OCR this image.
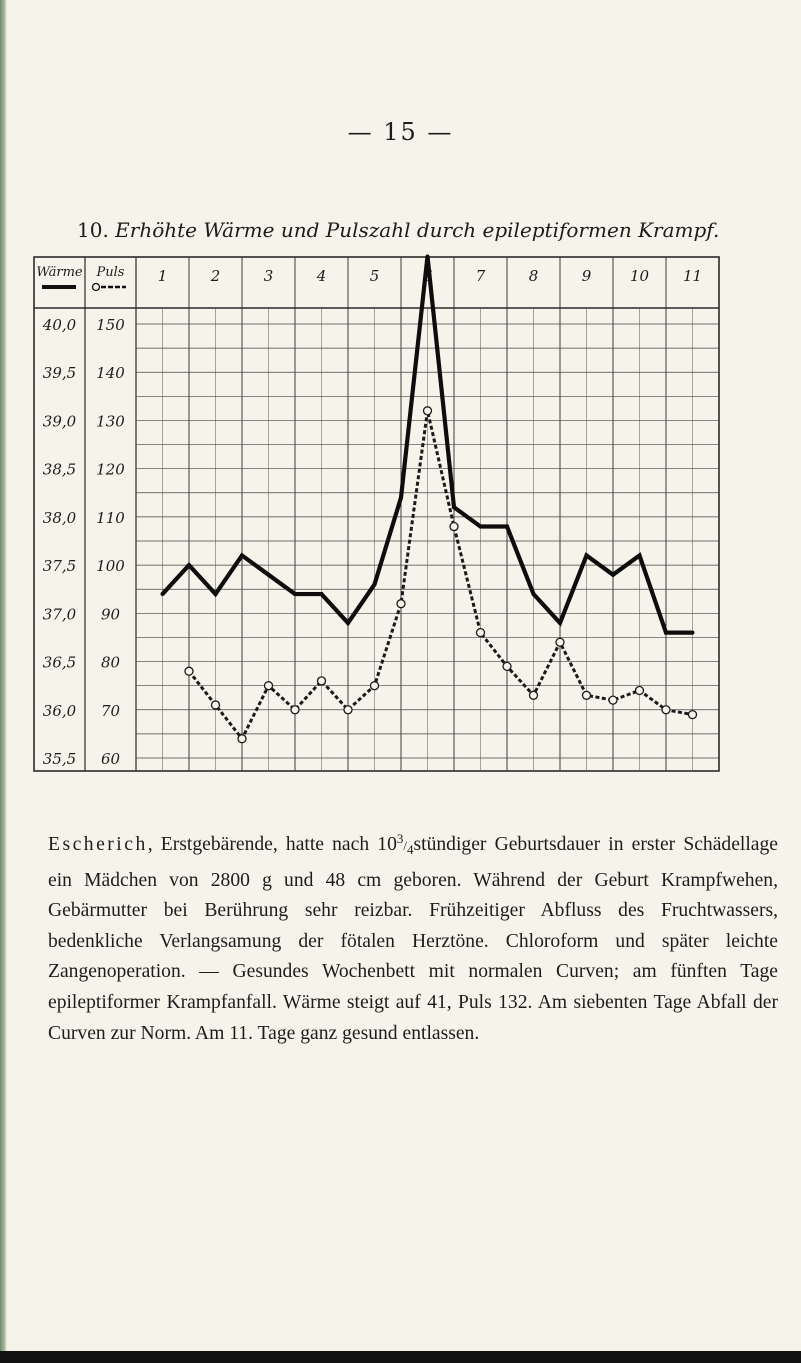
— 15 —
10. Erhöhte Wärme und Pulszahl durch epileptiformen Krampf.
Wärme Puls 1	2	3	4	5	6	7	8	9	10 11
40,0
39,5
39,0
38,5
38,0
37,5
37,0
36,5
36,0
35,5
150
140
130
120
110
100
90
80
70
60
Escherich, Erstgebärende, hatte nach 103/4stündiger Geburtsdauer in erster Schädellage ein Mädchen von 2800 g und 48 cm geboren. Während der Geburt Krampfwehen, Gebärmutter bei Berührung sehr reizbar. Frühzeitiger Abfluss des Fruchtwassers, bedenkliche Verlangsamung der fötalen Herztöne. Chloroform und später leichte Zangenoperation. — Gesundes Wochenbett mit normalen Curven; am fünften Tage epileptiformer Krampfanfall. Wärme steigt auf 41, Puls 132. Am siebenten Tage Abfall der Curven zur Norm. Am 11. Tage ganz gesund entlassen.
